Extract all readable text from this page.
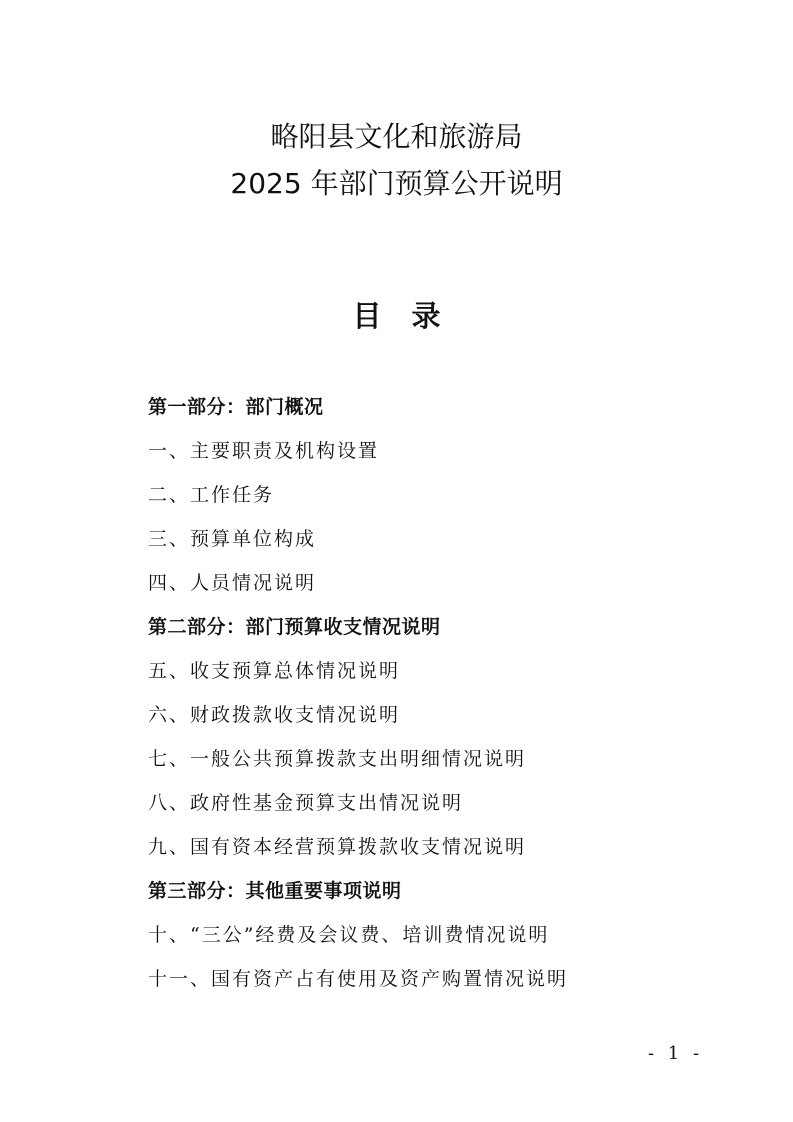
略阳县文化和旅游局
2025 年部门预算公开说明
目录
第一部分：部门概况
一、主要职责及机构设置
二、工作任务
三、预算单位构成
四、人员情况说明
第二部分：部门预算收支情况说明
五、收支预算总体情况说明
六、财政拨款收支情况说明
七、一般公共预算拨款支出明细情况说明
八、政府性基金预算支出情况说明
九、国有资本经营预算拨款收支情况说明
第三部分：其他重要事项说明
十、“三公”经费及会议费、培训费情况说明
十一、国有资产占有使用及资产购置情况说明
- 1 -
